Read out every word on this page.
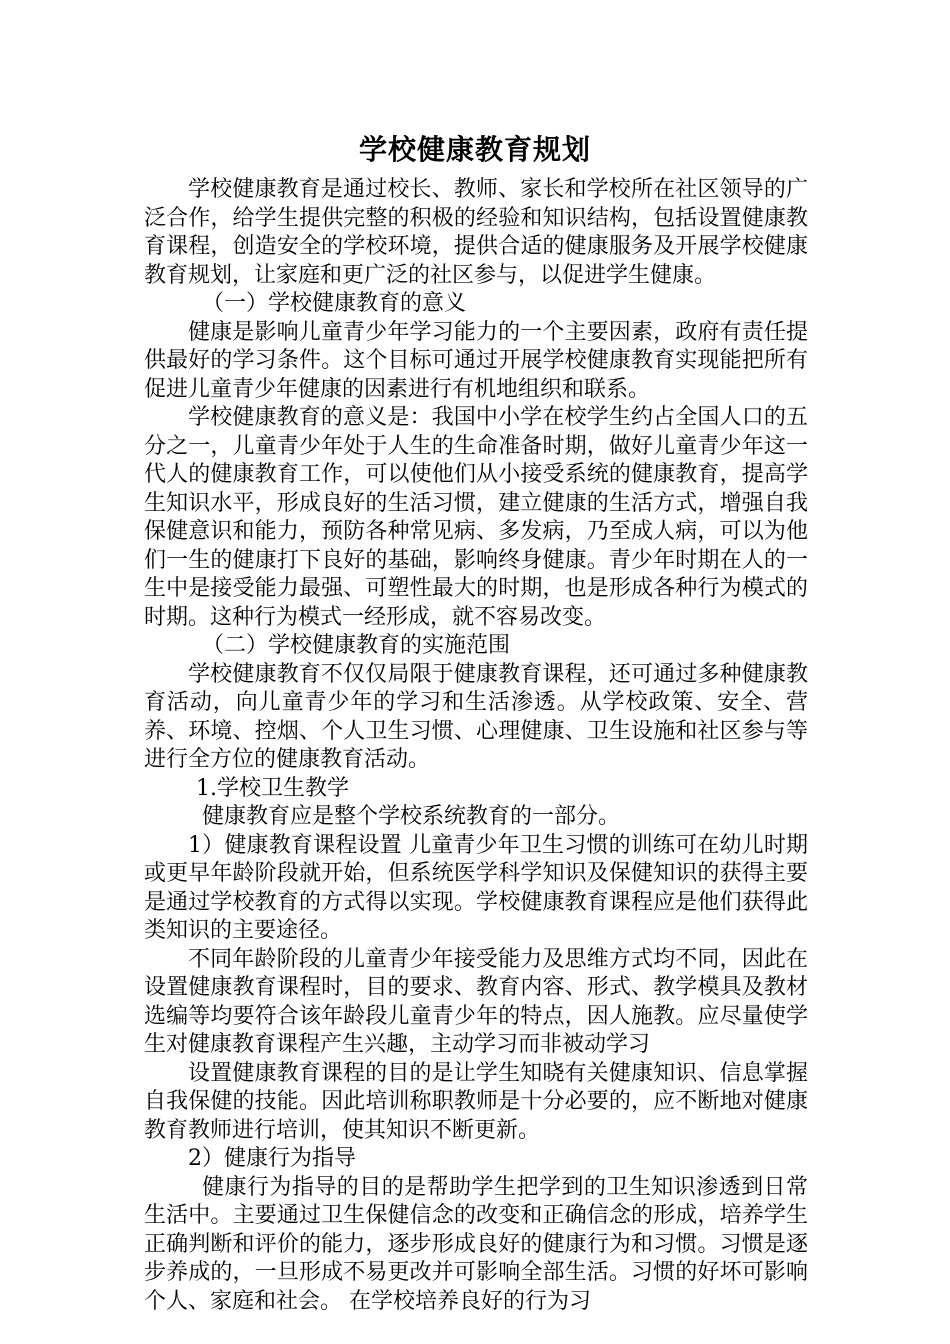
学校健康教育规划

学校健康教育是通过校长、教师、家长和学校所在社区领导的广泛合作，给学生提供完整的积极的经验和知识结构，包括设置健康教育课程，创造安全的学校环境，提供合适的健康服务及开展学校健康教育规划，让家庭和更广泛的社区参与，以促进学生健康。

（一）学校健康教育的意义

健康是影响儿童青少年学习能力的一个主要因素，政府有责任提供最好的学习条件。这个目标可通过开展学校健康教育实现能把所有促进儿童青少年健康的因素进行有机地组织和联系。

学校健康教育的意义是：我国中小学在校学生约占全国人口的五分之一，儿童青少年处于人生的生命准备时期，做好儿童青少年这一代人的健康教育工作，可以使他们从小接受系统的健康教育，提高学生知识水平，形成良好的生活习惯，建立健康的生活方式，增强自我保健意识和能力，预防各种常见病、多发病，乃至成人病，可以为他们一生的健康打下良好的基础，影响终身健康。青少年时期在人的一生中是接受能力最强、可塑性最大的时期，也是形成各种行为模式的时期。这种行为模式一经形成，就不容易改变。

（二）学校健康教育的实施范围

学校健康教育不仅仅局限于健康教育课程，还可通过多种健康教育活动，向儿童青少年的学习和生活渗透。从学校政策、安全、营养、环境、控烟、个人卫生习惯、心理健康、卫生设施和社区参与等进行全方位的健康教育活动。

1.学校卫生教学

健康教育应是整个学校系统教育的一部分。

1）健康教育课程设置 儿童青少年卫生习惯的训练可在幼儿时期或更早年龄阶段就开始，但系统医学科学知识及保健知识的获得主要是通过学校教育的方式得以实现。学校健康教育课程应是他们获得此类知识的主要途径。

不同年龄阶段的儿童青少年接受能力及思维方式均不同，因此在设置健康教育课程时，目的要求、教育内容、形式、教学模具及教材选编等均要符合该年龄段儿童青少年的特点，因人施教。应尽量使学生对健康教育课程产生兴趣，主动学习而非被动学习

设置健康教育课程的目的是让学生知晓有关健康知识、信息掌握自我保健的技能。因此培训称职教师是十分必要的，应不断地对健康教育教师进行培训，使其知识不断更新。

2）健康行为指导

健康行为指导的目的是帮助学生把学到的卫生知识渗透到日常生活中。主要通过卫生保健信念的改变和正确信念的形成，培养学生正确判断和评价的能力，逐步形成良好的健康行为和习惯。习惯是逐步养成的，一旦形成不易更改并可影响全部生活。习惯的好坏可影响个人、家庭和社会。 在学校培养良好的行为习
